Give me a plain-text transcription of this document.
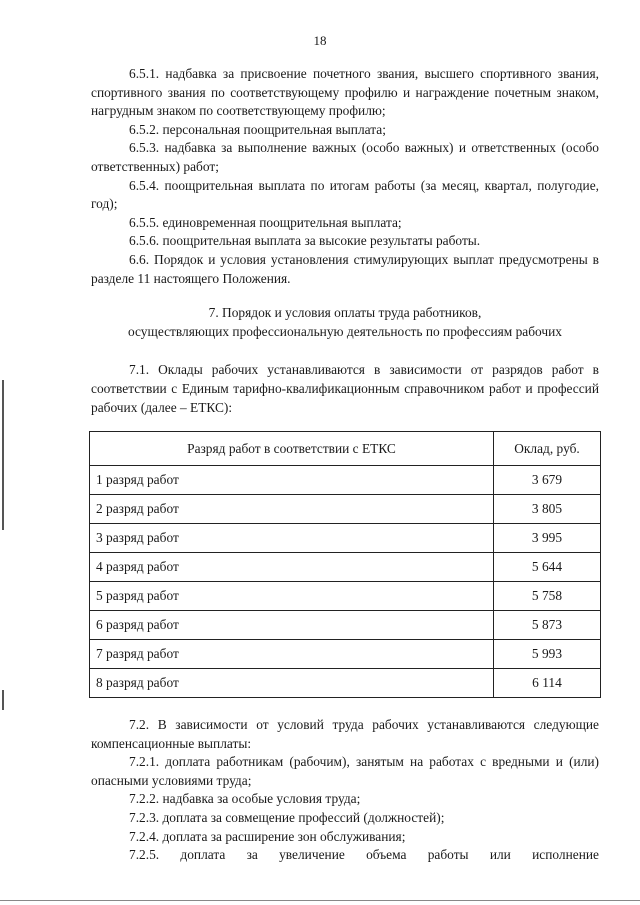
18

6.5.1. надбавка за присвоение почетного звания, высшего спортивного звания, спортивного звания по соответствующему профилю и награждение почетным знаком, нагрудным знаком по соответствующему профилю;

6.5.2. персональная поощрительная выплата;

6.5.3. надбавка за выполнение важных (особо важных) и ответственных (особо ответственных) работ;

6.5.4. поощрительная выплата по итогам работы (за месяц, квартал, полугодие, год);

6.5.5. единовременная поощрительная выплата;

6.5.6. поощрительная выплата за высокие результаты работы.

6.6. Порядок и условия установления стимулирующих выплат предусмотрены в разделе 11 настоящего Положения.

7. Порядок и условия оплаты труда работников,
осуществляющих профессиональную деятельность по профессиям рабочих

7.1. Оклады рабочих устанавливаются в зависимости от разрядов работ в соответствии с Единым тарифно-квалификационным справочником работ и профессий рабочих (далее – ЕТКС):

Разряд работ в соответствии с ЕТКС	Оклад, руб.
1 разряд работ	3 679
2 разряд работ	3 805
3 разряд работ	3 995
4 разряд работ	5 644
5 разряд работ	5 758
6 разряд работ	5 873
7 разряд работ	5 993
8 разряд работ	6 114

7.2. В зависимости от условий труда рабочих устанавливаются следующие компенсационные выплаты:

7.2.1. доплата работникам (рабочим), занятым на работах с вредными и (или) опасными условиями труда;

7.2.2. надбавка за особые условия труда;

7.2.3. доплата за совмещение профессий (должностей);

7.2.4. доплата за расширение зон обслуживания;

7.2.5. доплата за увеличение объема работы или исполнение
